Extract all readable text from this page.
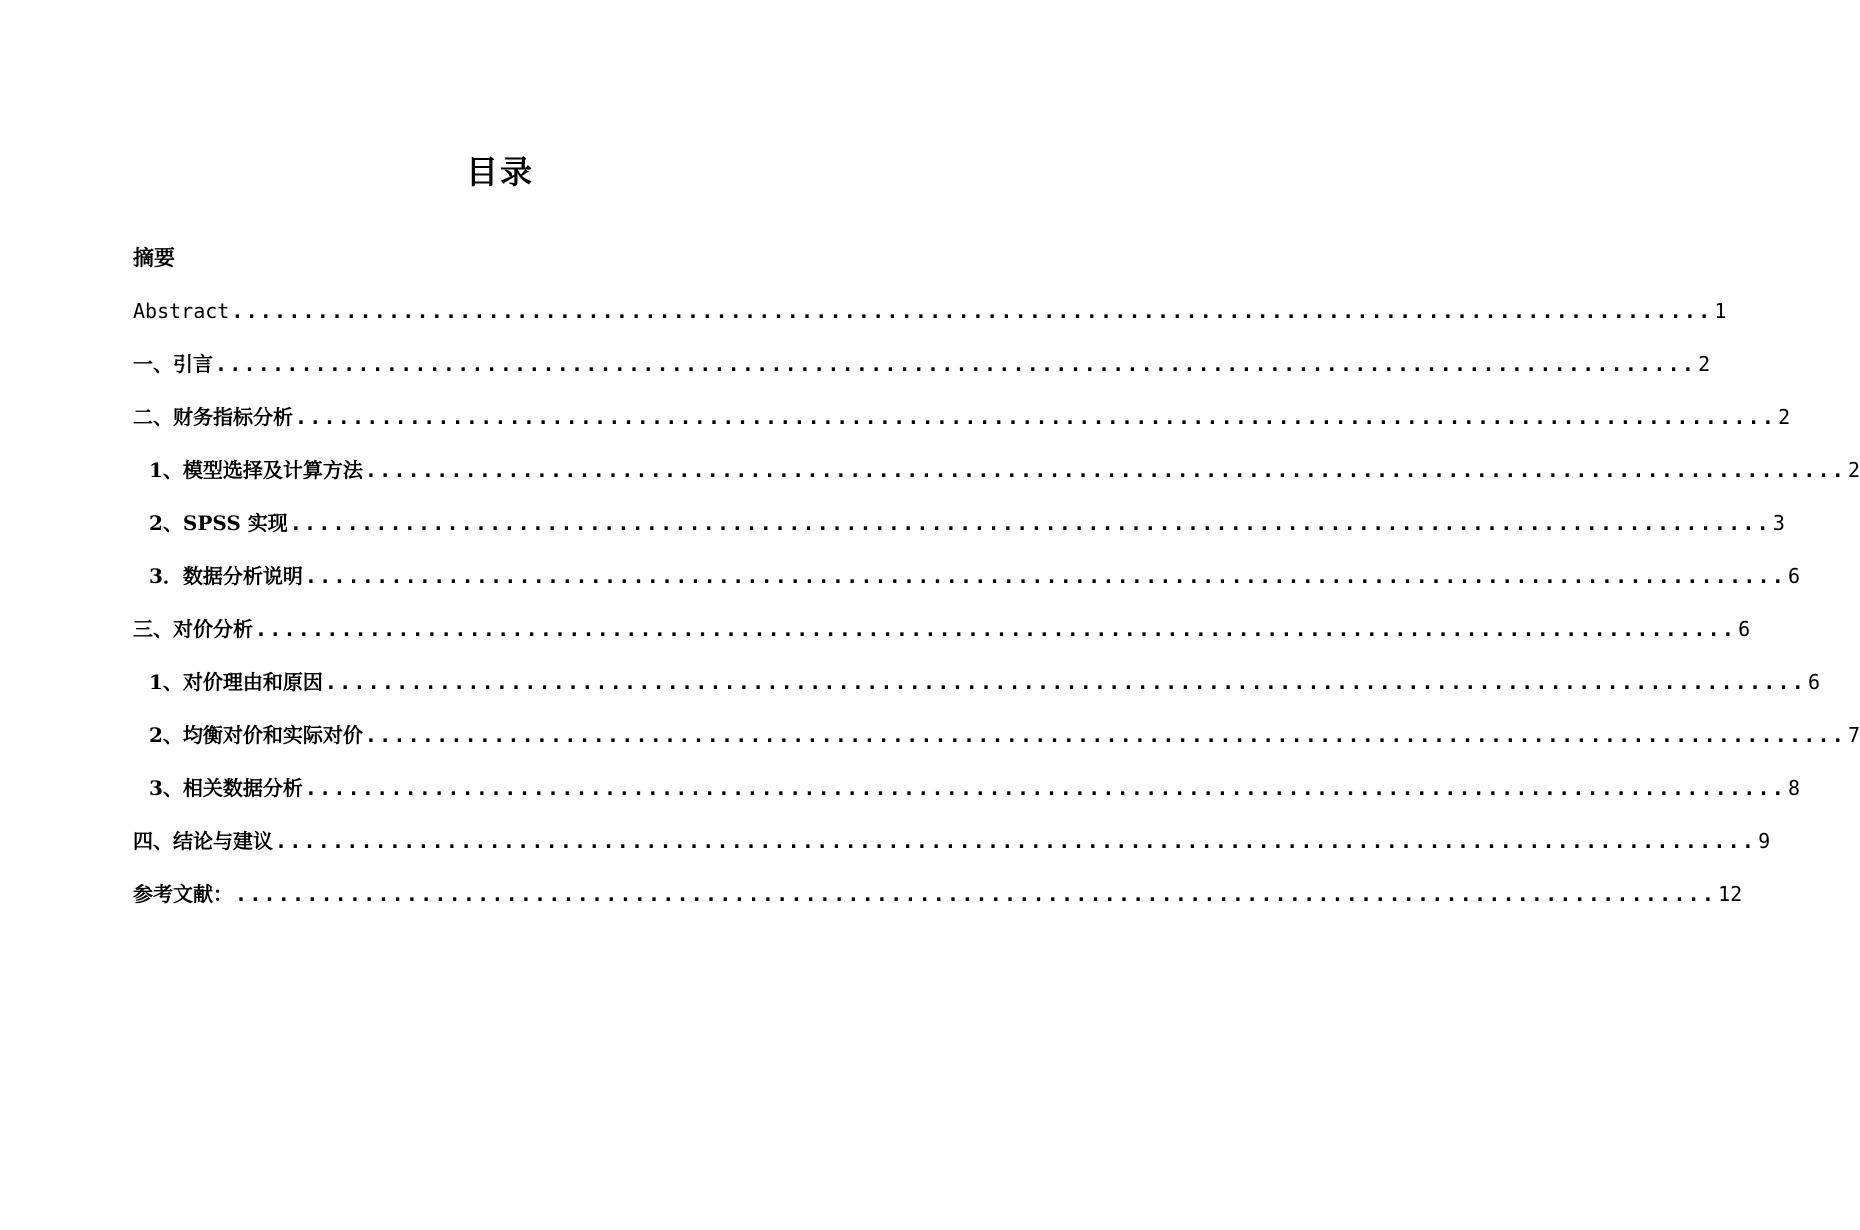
目录
摘要
Abstract ........................................................................................................ 1
一、引言 ........................................................................................................ 2
二、财务指标分析 ........................................................................................................ 2
1、模型选择及计算方法 ........................................................................................................ 2
2、SPSS 实现 ........................................................................................................ 3
3．数据分析说明 ........................................................................................................ 6
三、对价分析 ........................................................................................................ 6
1、对价理由和原因 ........................................................................................................ 6
2、均衡对价和实际对价 ........................................................................................................ 7
3、相关数据分析 ........................................................................................................ 8
四、结论与建议 ........................................................................................................ 9
参考文献： ........................................................................................................ 12
